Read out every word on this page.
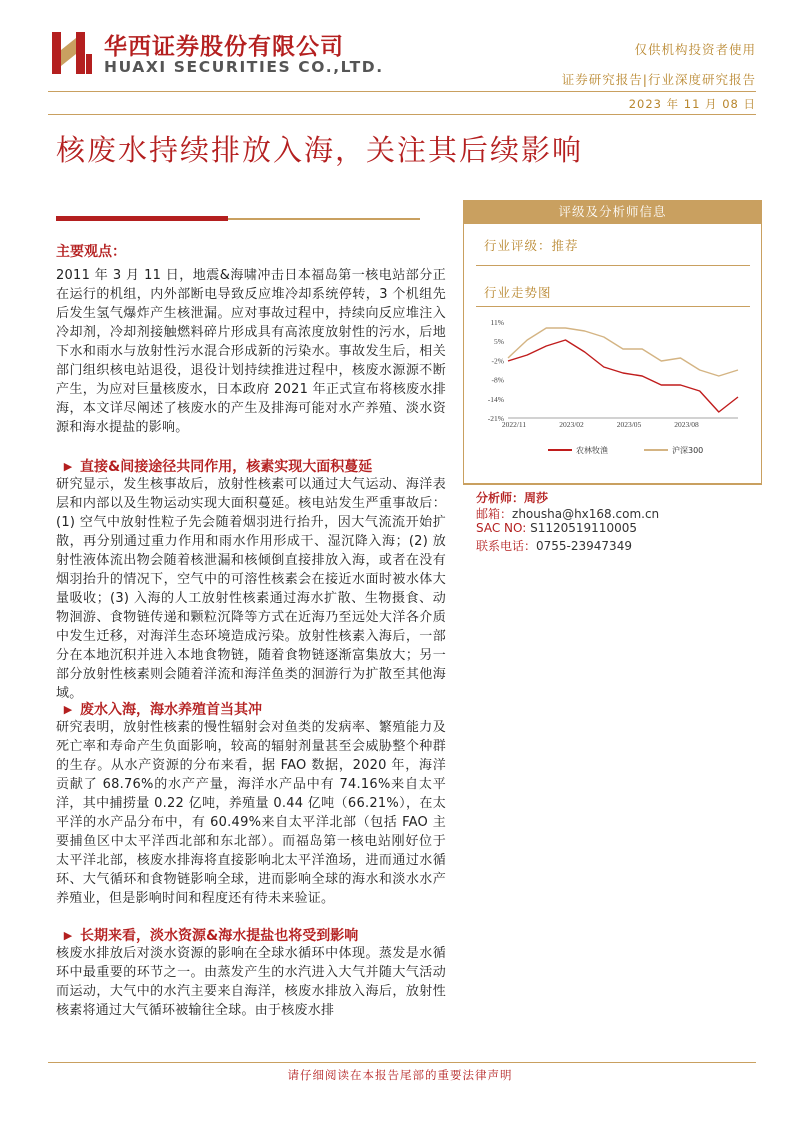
华西证券股份有限公司
HUAXI SECURITIES CO.,LTD.
仅供机构投资者使用
证券研究报告|行业深度研究报告
2023 年 11 月 08 日
核废水持续排放入海，关注其后续影响
主要观点：

2011 年 3 月 11 日，地震&海啸冲击日本福岛第一核电站部分正在运行的机组，内外部断电导致反应堆冷却系统停转，3 个机组先后发生氢气爆炸产生核泄漏。应对事故过程中，持续向反应堆注入冷却剂，冷却剂接触燃料碎片形成具有高浓度放射性的污水，后地下水和雨水与放射性污水混合形成新的污染水。事故发生后，相关部门组织核电站退役，退役计划持续推进过程中，核废水源源不断产生，为应对巨量核废水，日本政府 2021 年正式宣布将核废水排海，本文详尽阐述了核废水的产生及排海可能对水产养殖、淡水资源和海水提盐的影响。

▶ 直接&间接途径共同作用，核素实现大面积蔓延

研究显示，发生核事故后，放射性核素可以通过大气运动、海洋表层和内部以及生物运动实现大面积蔓延。核电站发生严重事故后：(1) 空气中放射性粒子先会随着烟羽进行抬升，因大气流流开始扩散，再分别通过重力作用和雨水作用形成干、湿沉降入海；(2) 放射性液体流出物会随着核泄漏和核倾倒直接排放入海，或者在没有烟羽抬升的情况下，空气中的可溶性核素会在接近水面时被水体大量吸收；(3) 入海的人工放射性核素通过海水扩散、生物摄食、动物洄游、食物链传递和颗粒沉降等方式在近海乃至远处大洋各介质中发生迁移，对海洋生态环境造成污染。放射性核素入海后，一部分在本地沉积并进入本地食物链，随着食物链逐渐富集放大；另一部分放射性核素则会随着洋流和海洋鱼类的洄游行为扩散至其他海域。

▶ 废水入海，海水养殖首当其冲

研究表明，放射性核素的慢性辐射会对鱼类的发病率、繁殖能力及死亡率和寿命产生负面影响，较高的辐射剂量甚至会威胁整个种群的生存。从水产资源的分布来看，据 FAO 数据，2020 年，海洋贡献了 68.76%的水产产量，海洋水产品中有 74.16%来自太平洋，其中捕捞量 0.22 亿吨，养殖量 0.44 亿吨（66.21%），在太平洋的水产品分布中，有 60.49%来自太平洋北部（包括 FAO 主要捕鱼区中太平洋西北部和东北部）。而福岛第一核电站刚好位于太平洋北部，核废水排海将直接影响北太平洋渔场，进而通过水循环、大气循环和食物链影响全球，进而影响全球的海水和淡水水产养殖业，但是影响时间和程度还有待未来验证。

▶ 长期来看，淡水资源&海水提盐也将受到影响

核废水排放后对淡水资源的影响在全球水循环中体现。蒸发是水循环中最重要的环节之一。由蒸发产生的水汽进入大气并随大气活动而运动，大气中的水汽主要来自海洋，核废水排放入海后，放射性核素将通过大气循环被输往全球。由于核废水排

评级及分析师信息
行业评级：推荐
行业走势图
11%
5%
-2%
-8%
-14%
-21%
2022/11	2023/02	2023/05	2023/08
农林牧渔	沪深300
分析师：周莎
邮箱：zhousha@hx168.com.cn
SAC NO: S1120519110005
联系电话：0755-23947349
请仔细阅读在本报告尾部的重要法律声明
